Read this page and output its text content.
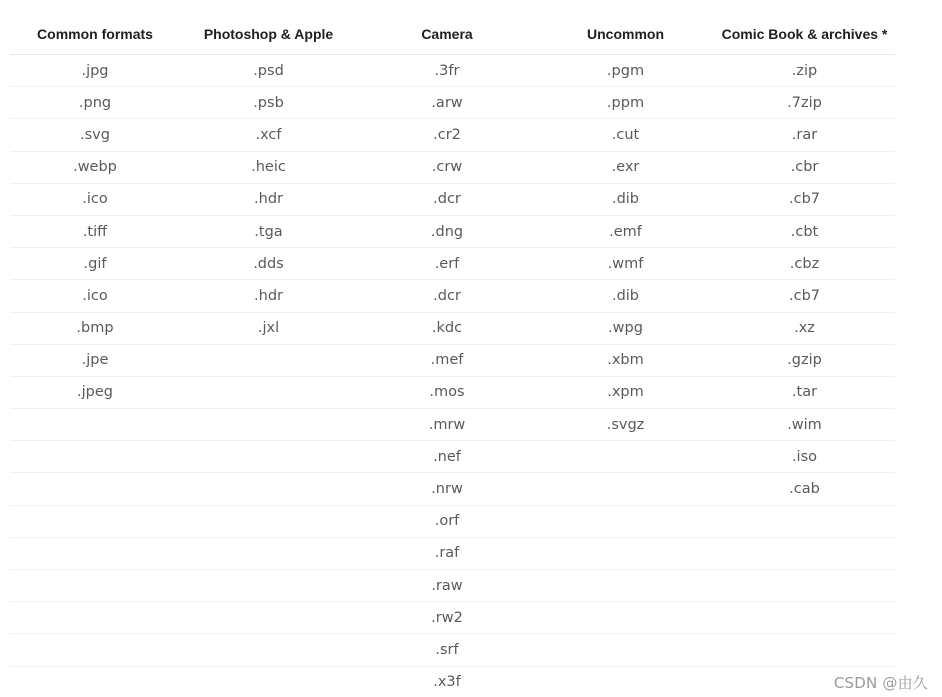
Common formats	Photoshop & Apple	Camera	Uncommon	Comic Book & archives *
.jpg	.psd	.3fr	.pgm	.zip
.png	.psb	.arw	.ppm	.7zip
.svg	.xcf	.cr2	.cut	.rar
.webp	.heic	.crw	.exr	.cbr
.ico	.hdr	.dcr	.dib	.cb7
.tiff	.tga	.dng	.emf	.cbt
.gif	.dds	.erf	.wmf	.cbz
.ico	.hdr	.dcr	.dib	.cb7
.bmp	.jxl	.kdc	.wpg	.xz
.jpe		.mef	.xbm	.gzip
.jpeg		.mos	.xpm	.tar
		.mrw	.svgz	.wim
		.nef		.iso
		.nrw		.cab
		.orf		
		.raf		
		.raw		
		.rw2		
		.srf		
		.x3f			CSDN @由久
